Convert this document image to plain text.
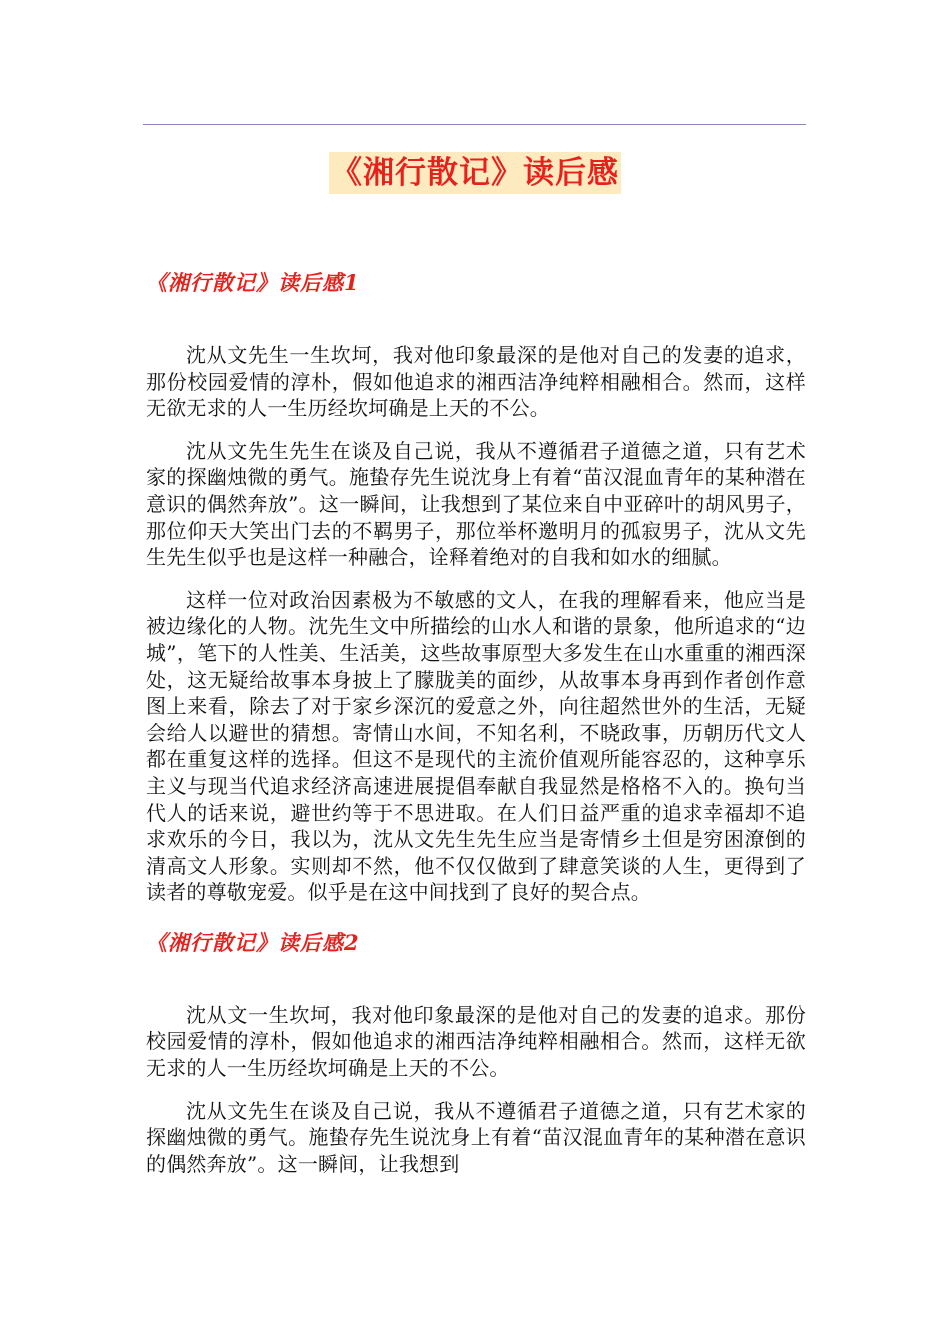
《湘行散记》读后感
《湘行散记》读后感1

沈从文先生一生坎坷，我对他印象最深的是他对自己的发妻的追求，那份校园爱情的淳朴，假如他追求的湘西洁净纯粹相融相合。然而，这样无欲无求的人一生历经坎坷确是上天的不公。

沈从文先生先生在谈及自己说，我从不遵循君子道德之道，只有艺术家的探幽烛微的勇气。施蛰存先生说沈身上有着“苗汉混血青年的某种潜在意识的偶然奔放”。这一瞬间，让我想到了某位来自中亚碎叶的胡风男子，那位仰天大笑出门去的不羁男子，那位举杯邀明月的孤寂男子，沈从文先生先生似乎也是这样一种融合，诠释着绝对的自我和如水的细腻。

这样一位对政治因素极为不敏感的文人，在我的理解看来，他应当是被边缘化的人物。沈先生文中所描绘的山水人和谐的景象，他所追求的“边城”，笔下的人性美、生活美，这些故事原型大多发生在山水重重的湘西深处，这无疑给故事本身披上了朦胧美的面纱，从故事本身再到作者创作意图上来看，除去了对于家乡深沉的爱意之外，向往超然世外的生活，无疑会给人以避世的猜想。寄情山水间，不知名利，不晓政事，历朝历代文人都在重复这样的选择。但这不是现代的主流价值观所能容忍的，这种享乐主义与现当代追求经济高速进展提倡奉献自我显然是格格不入的。换句当代人的话来说，避世约等于不思进取。在人们日益严重的追求幸福却不追求欢乐的今日，我以为，沈从文先生先生应当是寄情乡土但是穷困潦倒的清高文人形象。实则却不然，他不仅仅做到了肆意笑谈的人生，更得到了读者的尊敬宠爱。似乎是在这中间找到了良好的契合点。

《湘行散记》读后感2

沈从文一生坎坷，我对他印象最深的是他对自己的发妻的追求。那份校园爱情的淳朴，假如他追求的湘西洁净纯粹相融相合。然而，这样无欲无求的人一生历经坎坷确是上天的不公。

沈从文先生在谈及自己说，我从不遵循君子道德之道，只有艺术家的探幽烛微的勇气。施蛰存先生说沈身上有着“苗汉混血青年的某种潜在意识的偶然奔放”。这一瞬间，让我想到
